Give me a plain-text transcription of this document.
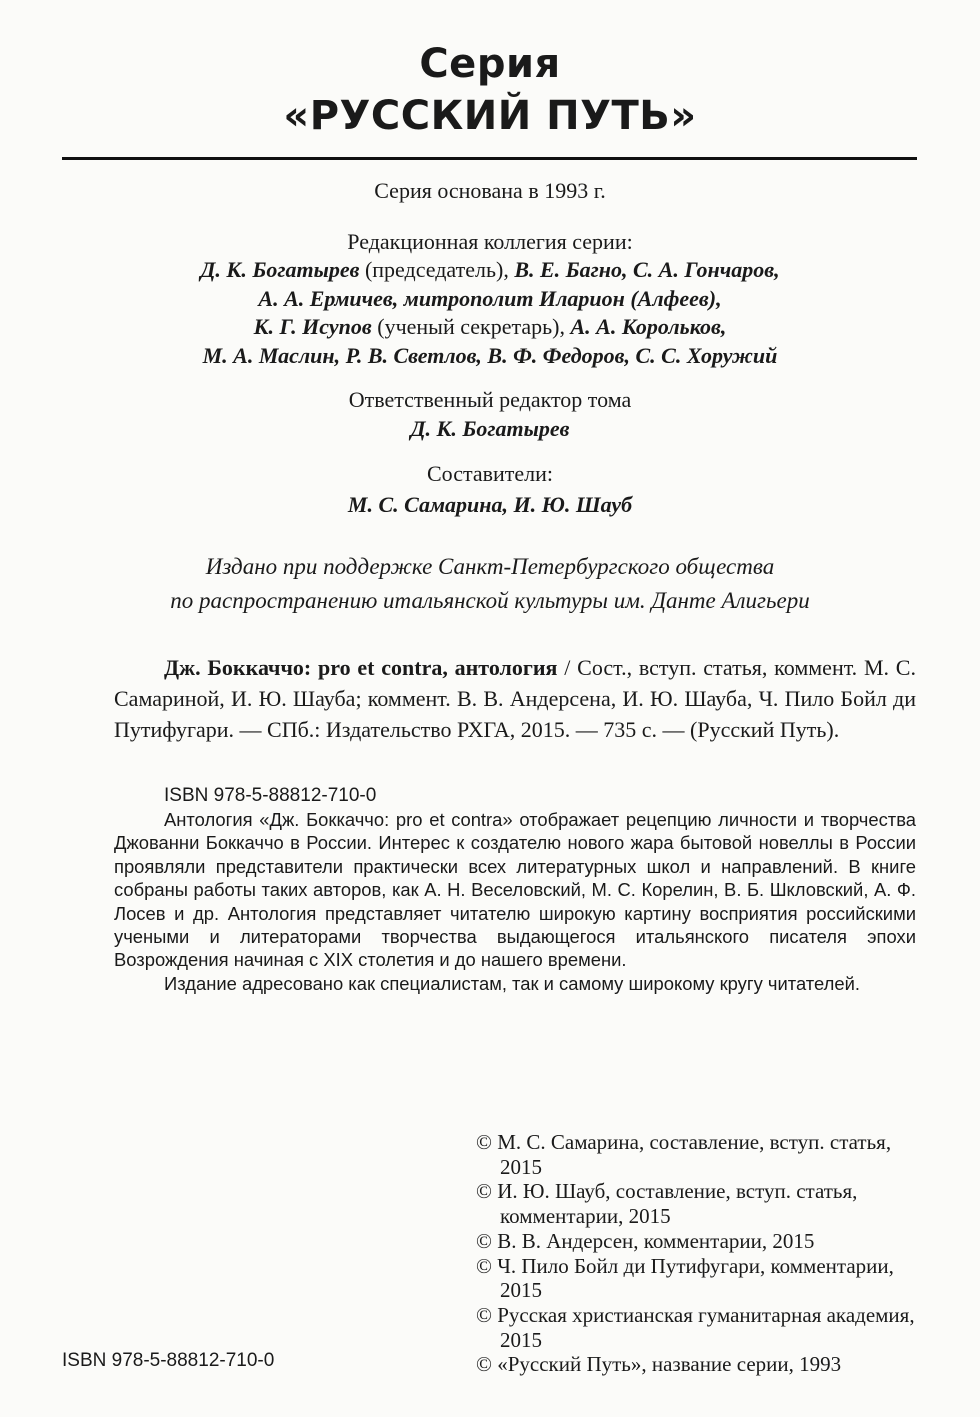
Серия
«РУССКИЙ ПУТЬ»
Серия основана в 1993 г.
Редакционная коллегия серии:
Д. К. Богатырев (председатель), В. Е. Багно, С. А. Гончаров,
А. А. Ермичев, митрополит Иларион (Алфеев),
К. Г. Исупов (ученый секретарь), А. А. Корольков,
М. А. Маслин, Р. В. Светлов, В. Ф. Федоров, С. С. Хоружий
Ответственный редактор тома
Д. К. Богатырев
Составители:
М. С. Самарина, И. Ю. Шауб
Издано при поддержке Санкт-Петербургского общества
по распространению итальянской культуры им. Данте Алигьери
Дж. Боккаччо: pro et contra, антология / Сост., вступ. статья, коммент. М. С. Самариной, И. Ю. Шауба; коммент. В. В. Андерсена, И. Ю. Шауба, Ч. Пило Бойл ди Путифугари. — СПб.: Издательство РХГА, 2015. — 735 с. — (Русский Путь).
ISBN 978-5-88812-710-0

Антология «Дж. Боккаччо: pro et contra» отображает рецепцию личности и творчества Джованни Боккаччо в России. Интерес к создателю нового жара бытовой новеллы в России проявляли представители практически всех литературных школ и направлений. В книге собраны работы таких авторов, как А. Н. Веселовский, М. С. Корелин, В. Б. Шкловский, А. Ф. Лосев и др. Антология представляет читателю широкую картину восприятия российскими учеными и литераторами творчества выдающегося итальянского писателя эпохи Возрождения начиная с XIX столетия и до нашего времени.

Издание адресовано как специалистам, так и самому широкому кругу читателей.

© М. С. Самарина, составление, вступ. статья, 2015
© И. Ю. Шауб, составление, вступ. статья, комментарии, 2015
© В. В. Андерсен, комментарии, 2015
© Ч. Пило Бойл ди Путифугари, комментарии, 2015
© Русская христианская гуманитарная академия, 2015
© «Русский Путь», название серии, 1993
ISBN 978-5-88812-710-0
